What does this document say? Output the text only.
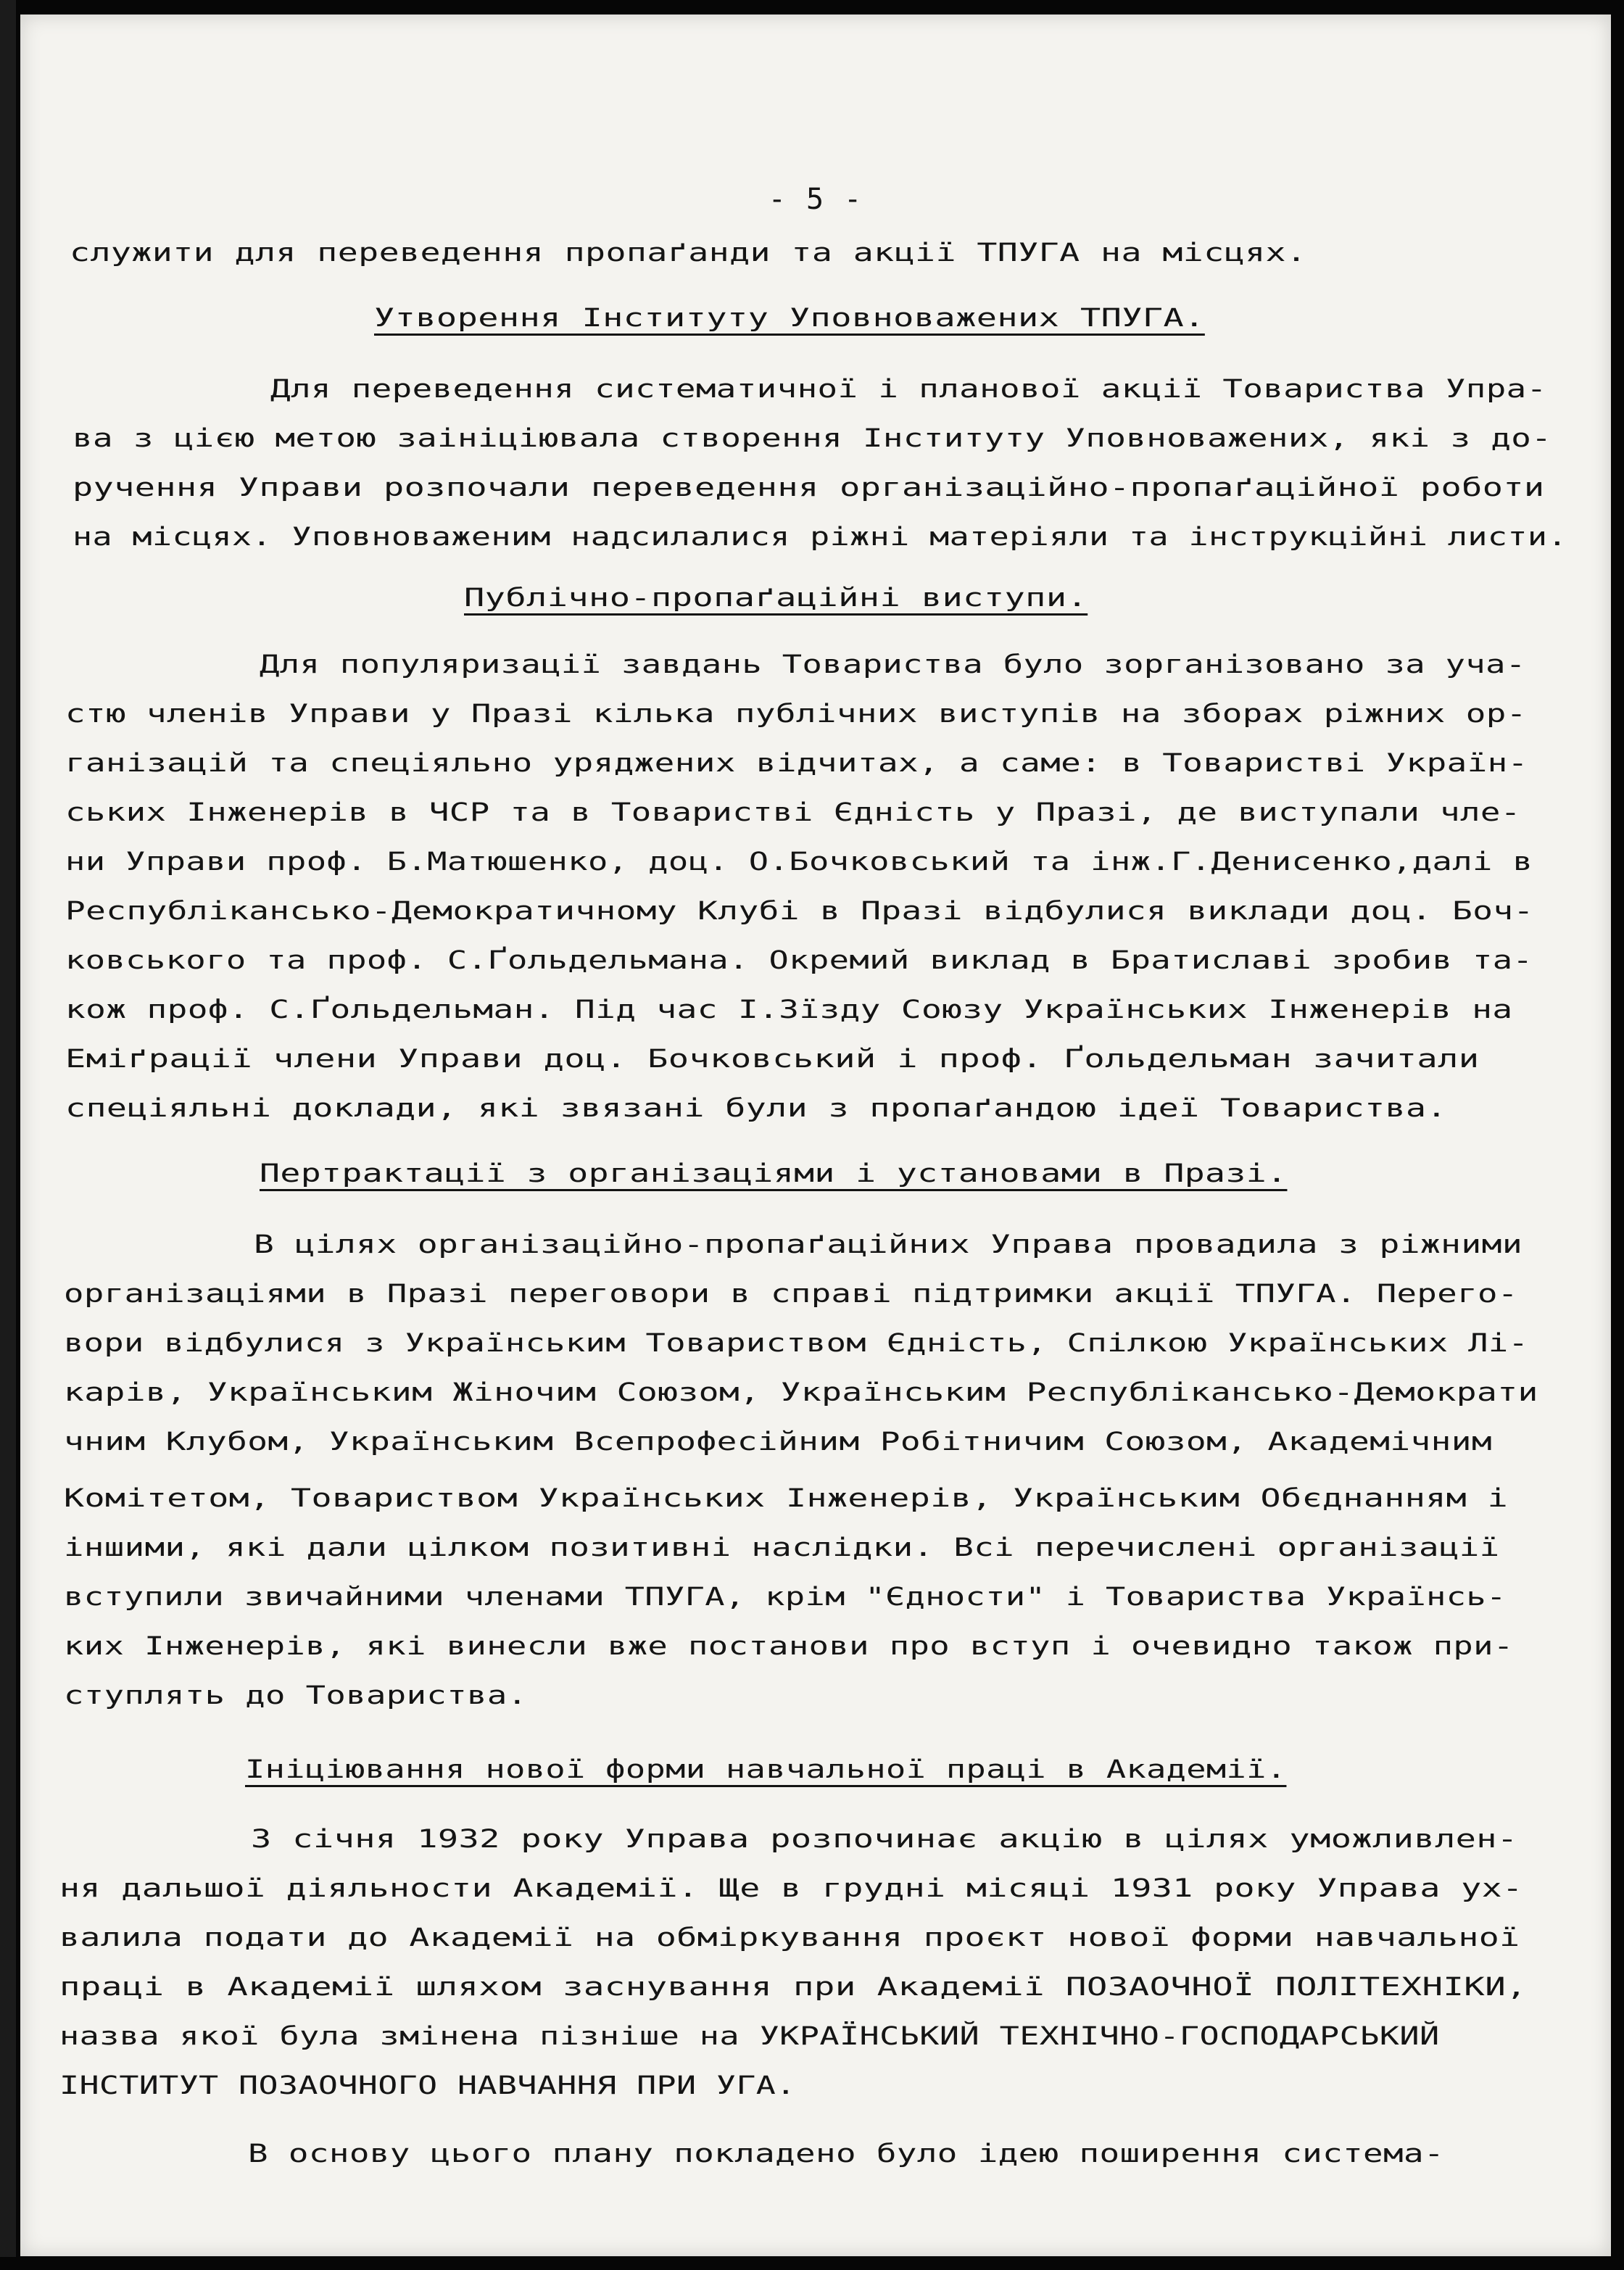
- 5 -
служити для переведення пропаґанди та акції ТПУГА на місцях.
Утворення Інституту Уповноважених ТПУГА.
Для переведення систематичної і планової акції Товариства Упра-
ва з цією метою заініціювала створення Інституту Уповноважених, які з до-
ручення Управи розпочали переведення організаційно-пропаґаційної роботи
на місцях. Уповноваженим надсилалися ріжні матеріяли та інструкційні листи.
Публічно-пропаґаційні виступи.
Для популяризації завдань Товариства було зорганізовано за уча-
стю членів Управи у Празі кілька публічних виступів на зборах ріжних ор-
ганізацій та спеціяльно уряджених відчитах, а саме: в Товаристві Україн-
ських Інженерів в ЧСР та в Товаристві Єдність у Празі, де виступали чле-
ни Управи проф. Б.Матюшенко, доц. О.Бочковський та інж.Г.Денисенко,далі в
Республіканcько-Демократичному Клубі в Празі відбулися виклади доц. Боч-
ковського та проф. С.Ґольдельмана. Окремий виклад в Братиславі зробив та-
кож проф. С.Ґольдельман. Під час І.Зїзду Союзу Українських Інженерів на
Еміґрації члени Управи доц. Бочковський і проф. Ґольдельман зачитали
спеціяльні доклади, які звязані були з пропаґандою ідеї Товариства.
Пертрактації з організаціями і установами в Празі.
В цілях організаційно-пропаґаційних Управа провадила з ріжними
організаціями в Празі переговори в справі підтримки акції ТПУГА. Перего-
вори відбулися з Українським Товариством Єдність, Спілкою Українських Лі-
карів, Українським Жіночим Союзом, Українським Республіканcько-Демократи
чним Клубом, Українським Всепрофесійним Робітничим Союзом, Академічним
Комітетом, Товариством Українських Інженерів, Українським Обєднанням і
іншими, які дали цілком позитивні наслідки. Всі перечислені організації
вступили звичайними членами ТПУГА, крім "Єдности" і Товариства Українсь-
ких Інженерів, які винесли вже постанови про вступ і очевидно також при-
ступлять до Товариства.
Ініціювання нової форми навчальної праці в Академії.
З січня 1932 року Управа розпочинає акцію в цілях уможливлен-
ня дальшої діяльности Академії. Ще в грудні місяці 1931 року Управа ух-
валила подати до Академії на обміркування проєкт нової форми навчальної
праці в Академії шляхом заснування при Академії ПОЗАОЧНОЇ ПОЛІТЕХНІКИ,
назва якої була змінена пізніше на УКРАЇНСЬКИЙ ТЕХНІЧНО-ГОСПОДАРСЬКИЙ
ІНСТИТУТ ПОЗАОЧНОГО НАВЧАННЯ ПРИ УГА.
В основу цього плану покладено було ідею поширення система-
